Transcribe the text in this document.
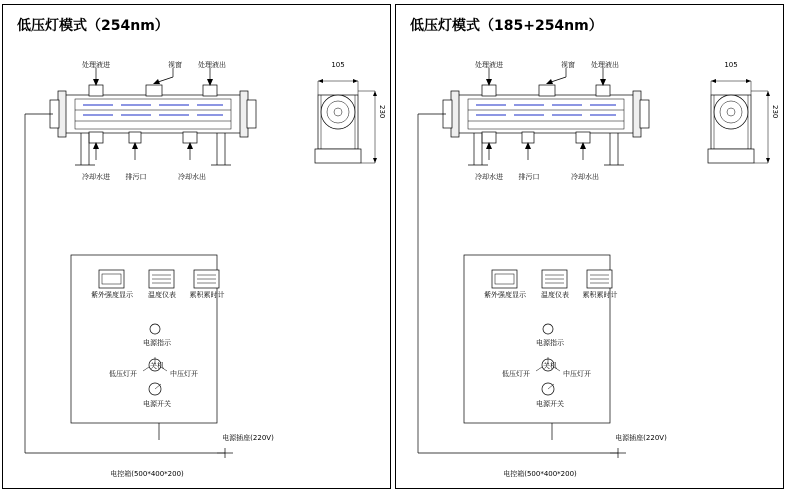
低压灯模式（254nm）
处理液进	视窗 处理液出
冷却水进 排污口	冷却水出
105
230
紫外强度显示 温度仪表 累积累时计
电源指示
低压灯开
关机
中压灯开
电源开关
电控箱(500*400*200)
电源插座(220V)
低压灯模式（185+254nm）
处理液进	视窗 处理液出
冷却水进 排污口	冷却水出
105
230
紫外强度显示 温度仪表 累积累时计
电源指示
低压灯开
关机
中压灯开
电源开关
电控箱(500*400*200)
电源插座(220V)
